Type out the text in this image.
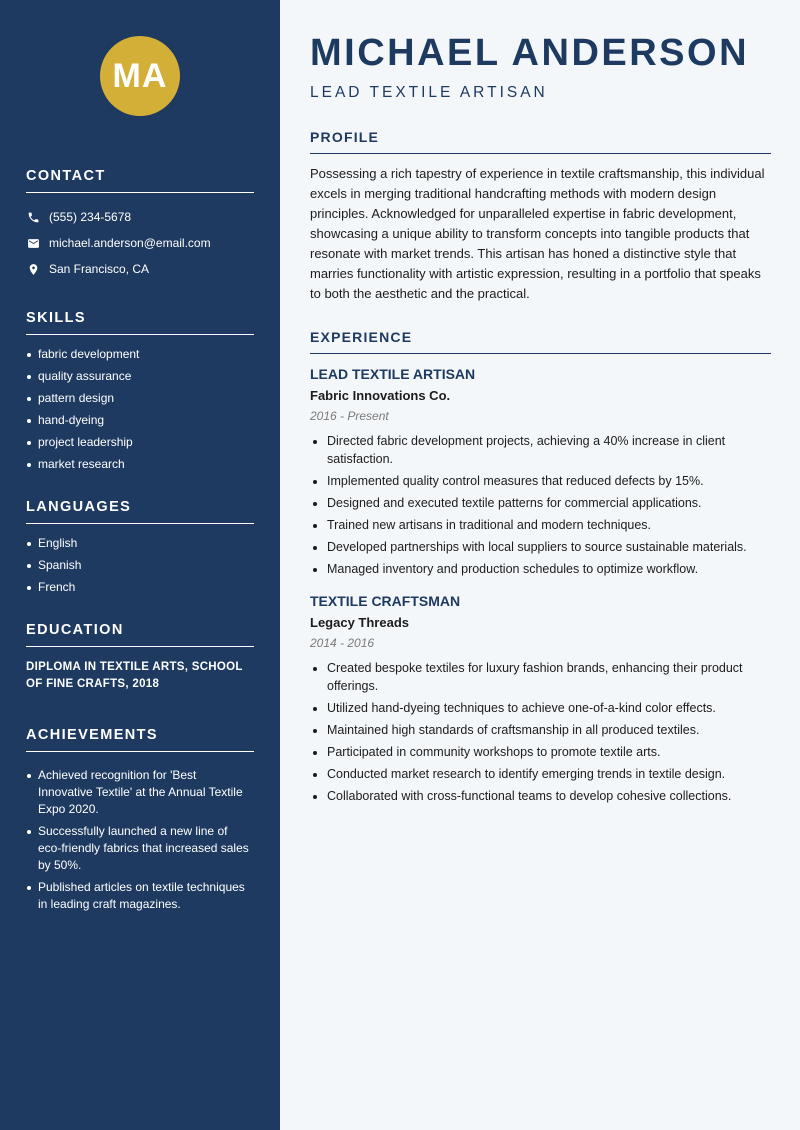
MA
CONTACT
(555) 234-5678
michael.anderson@email.com
San Francisco, CA
SKILLS
fabric development
quality assurance
pattern design
hand-dyeing
project leadership
market research
LANGUAGES
English
Spanish
French
EDUCATION
DIPLOMA IN TEXTILE ARTS, SCHOOL OF FINE CRAFTS, 2018
ACHIEVEMENTS
Achieved recognition for 'Best Innovative Textile' at the Annual Textile Expo 2020.
Successfully launched a new line of eco-friendly fabrics that increased sales by 50%.
Published articles on textile techniques in leading craft magazines.
MICHAEL ANDERSON
LEAD TEXTILE ARTISAN
PROFILE

Possessing a rich tapestry of experience in textile craftsmanship, this individual excels in merging traditional handcrafting methods with modern design principles. Acknowledged for unparalleled expertise in fabric development, showcasing a unique ability to transform concepts into tangible products that resonate with market trends. This artisan has honed a distinctive style that marries functionality with artistic expression, resulting in a portfolio that speaks to both the aesthetic and the practical.

EXPERIENCE
LEAD TEXTILE ARTISAN
Fabric Innovations Co.
2016 - Present
Directed fabric development projects, achieving a 40% increase in client satisfaction.
Implemented quality control measures that reduced defects by 15%.
Designed and executed textile patterns for commercial applications.
Trained new artisans in traditional and modern techniques.
Developed partnerships with local suppliers to source sustainable materials.
Managed inventory and production schedules to optimize workflow.
TEXTILE CRAFTSMAN
Legacy Threads
2014 - 2016
Created bespoke textiles for luxury fashion brands, enhancing their product offerings.
Utilized hand-dyeing techniques to achieve one-of-a-kind color effects.
Maintained high standards of craftsmanship in all produced textiles.
Participated in community workshops to promote textile arts.
Conducted market research to identify emerging trends in textile design.
Collaborated with cross-functional teams to develop cohesive collections.
